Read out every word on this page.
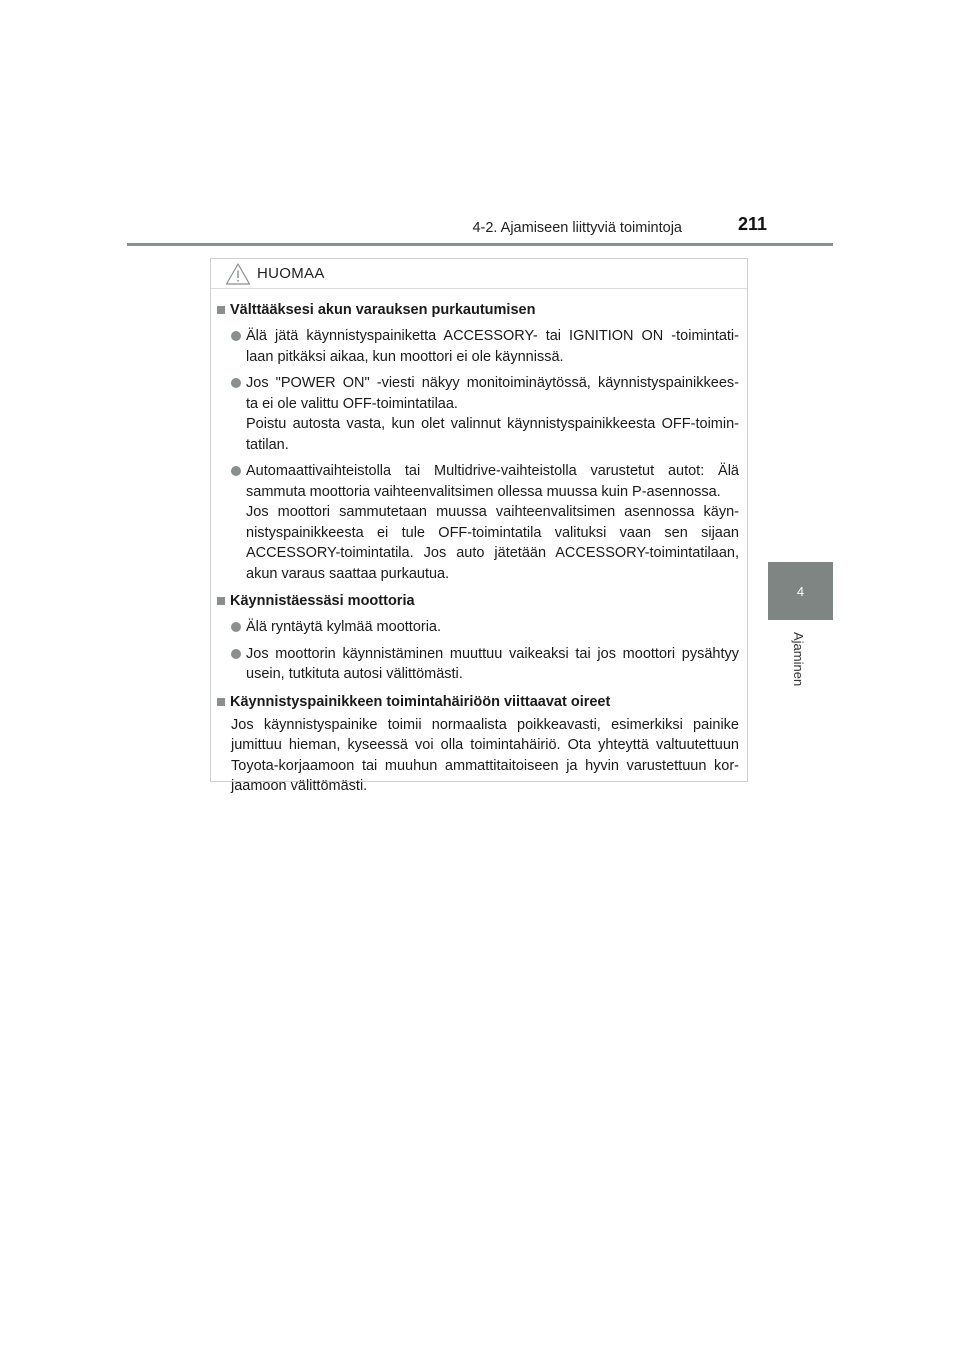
4-2. Ajamiseen liittyviä toimintoja	211
4
Ajaminen
HUOMAA
Välttääksesi akun varauksen purkautumisen
Älä jätä käynnistyspainiketta ACCESSORY- tai IGNITION ON -toimintati-
laan pitkäksi aikaa, kun moottori ei ole käynnissä.
Jos "POWER ON" -viesti näkyy monitoiminäytössä, käynnistyspainikkees-
ta ei ole valittu OFF-toimintatilaa.
Poistu autosta vasta, kun olet valinnut käynnistyspainikkeesta OFF-toimin-
tatilan.
Automaattivaihteistolla tai Multidrive-vaihteistolla varustetut autot: Älä
sammuta moottoria vaihteenvalitsimen ollessa muussa kuin P-asennossa.
Jos moottori sammutetaan muussa vaihteenvalitsimen asennossa käyn-
nistyspainikkeesta ei tule OFF-toimintatila valituksi vaan sen sijaan
ACCESSORY-toimintatila. Jos auto jätetään ACCESSORY-toimintatilaan,
akun varaus saattaa purkautua.
Käynnistäessäsi moottoria
Älä ryntäytä kylmää moottoria.
Jos moottorin käynnistäminen muuttuu vaikeaksi tai jos moottori pysähtyy
usein, tutkituta autosi välittömästi.
Käynnistyspainikkeen toimintahäiriöön viittaavat oireet
Jos käynnistyspainike toimii normaalista poikkeavasti, esimerkiksi painike
jumittuu hieman, kyseessä voi olla toimintahäiriö. Ota yhteyttä valtuutettuun
Toyota-korjaamoon tai muuhun ammattitaitoiseen ja hyvin varustettuun kor-
jaamoon välittömästi.
